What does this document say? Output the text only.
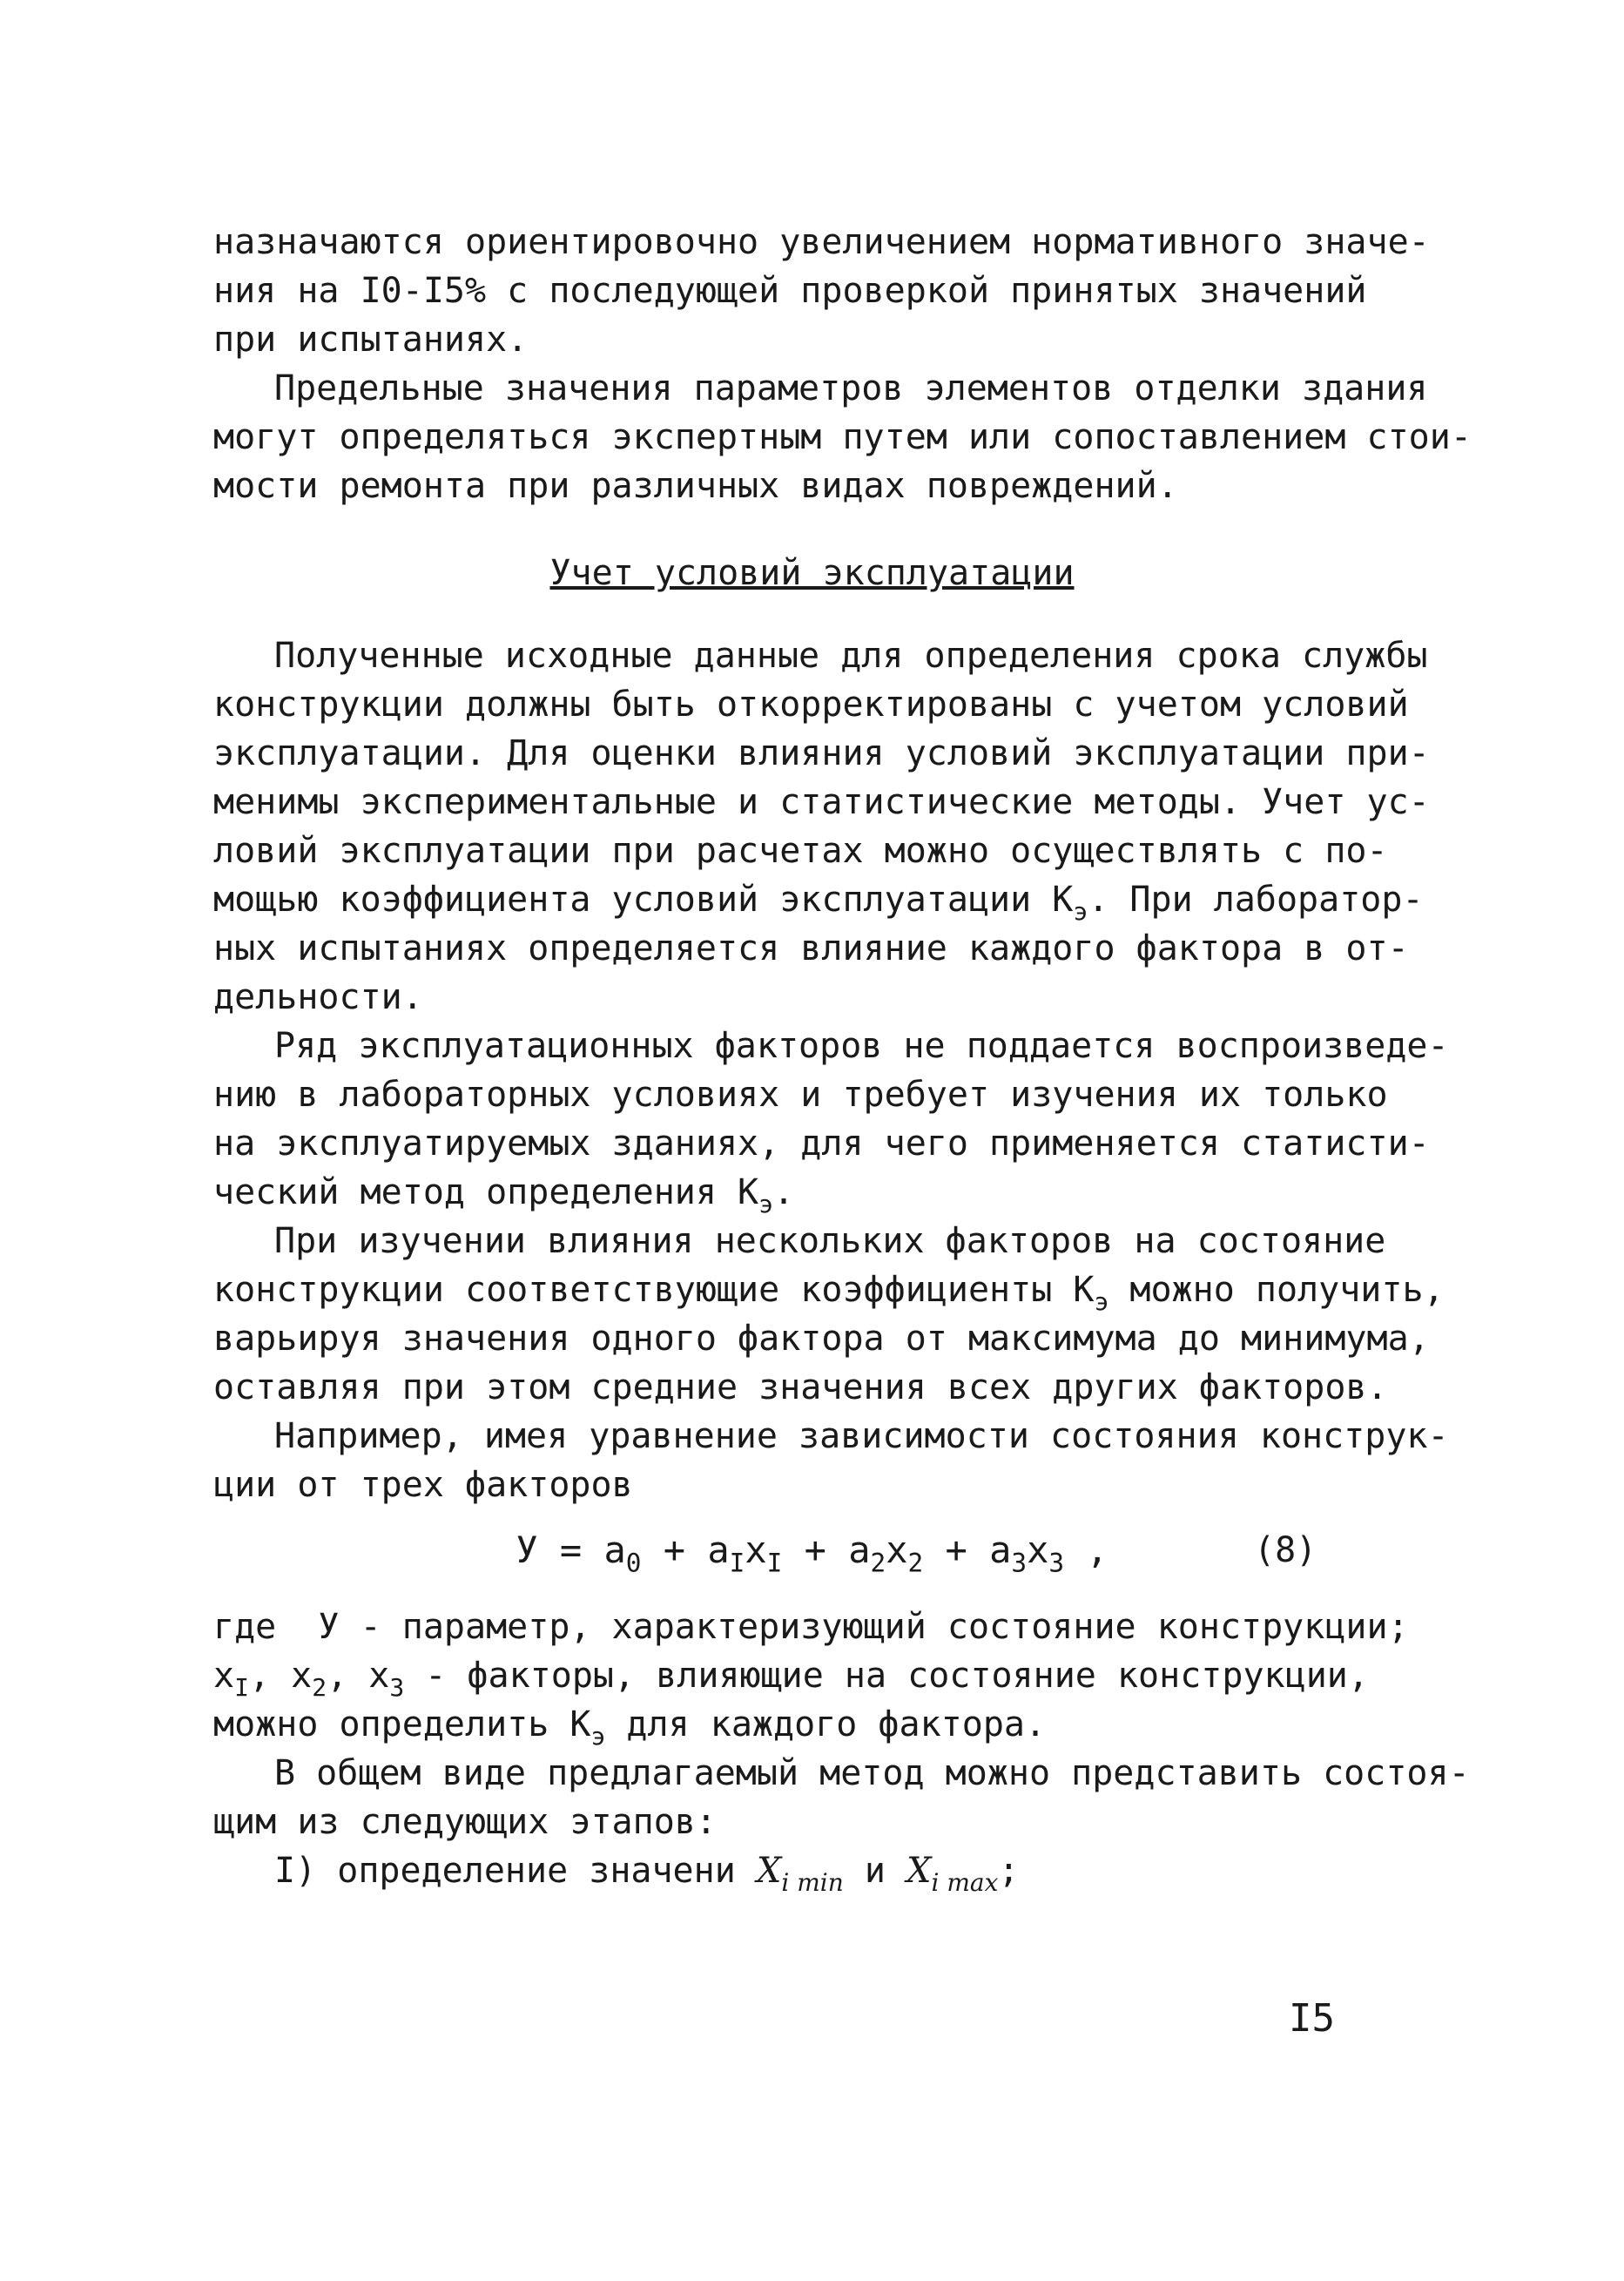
назначаются ориентировочно увеличением нормативного значе-
ния на I0-I5% с последующей проверкой принятых значений
при испытаниях.
Предельные значения параметров элементов отделки здания
могут определяться экспертным путем или сопоставлением стои-
мости ремонта при различных видах повреждений.
Учет условий эксплуатации
Полученные исходные данные для определения срока службы
конструкции должны быть откорректированы с учетом условий
эксплуатации. Для оценки влияния условий эксплуатации при-
менимы экспериментальные и статистические методы. Учет ус-
ловий эксплуатации при расчетах можно осуществлять с по-
мощью коэффициента условий эксплуатации $К_э$. При лаборатор-
ных испытаниях определяется влияние каждого фактора в от-
дельности.
Ряд эксплуатационных факторов не поддается воспроизведе-
нию в лабораторных условиях и требует изучения их только
на эксплуатируемых зданиях, для чего применяется статисти-
ческий метод определения $К_э$.
При изучении влияния нескольких факторов на состояние
конструкции соответствующие коэффициенты $К_э$ можно получить,
варьируя значения одного фактора от максимума до минимума,
оставляя при этом средние значения всех других факторов.
Например, имея уравнение зависимости состояния конструк-
ции от трех факторов
$У = a_0 + a_Ix_I + a_2x_2 + a_3x_3$ ,	(8)
где  У - параметр, характеризующий состояние конструкции;
$x_I$, $x_2$, $x_3$ - факторы, влияющие на состояние конструкции,
можно определить $К_э$ для каждого фактора.
В общем виде предлагаемый метод можно представить состоя-
щим из следующих этапов:
I) определение значени $X_{i min}$ и $X_{i max}$;
I5
